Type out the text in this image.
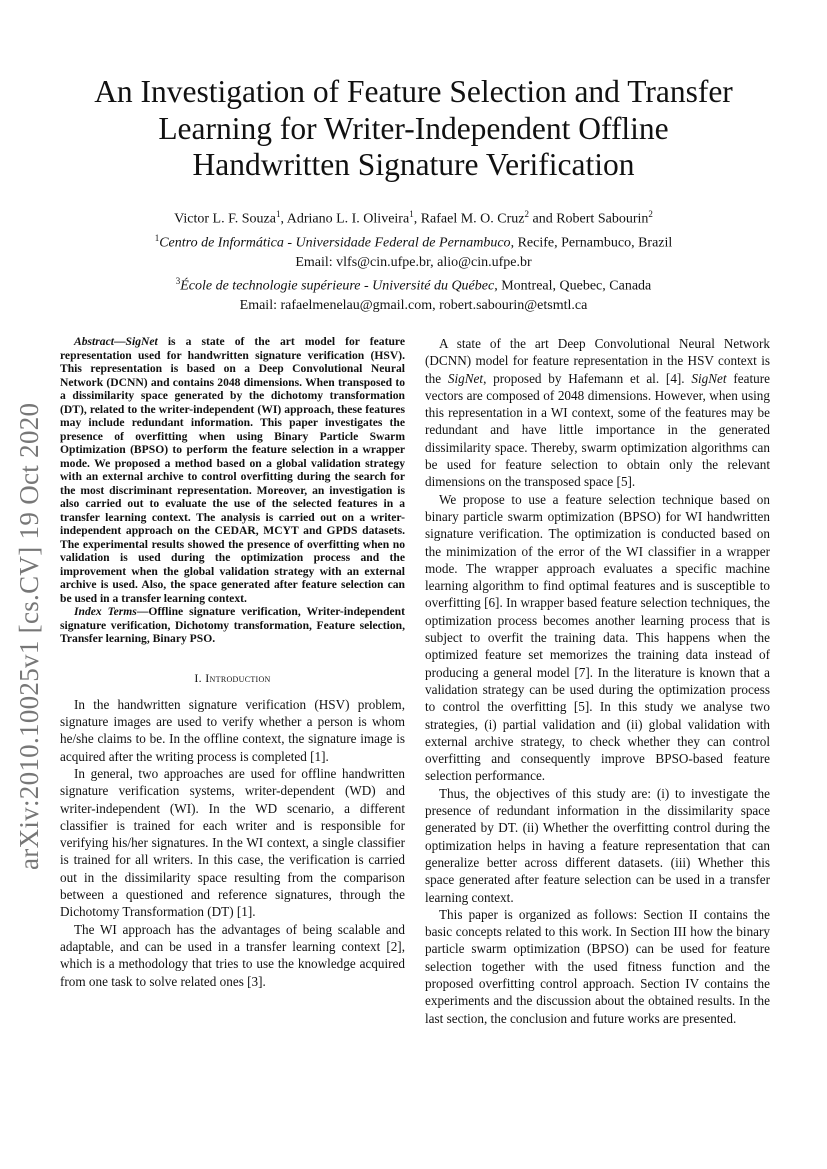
arXiv:2010.10025v1 [cs.CV] 19 Oct 2020
An Investigation of Feature Selection and Transfer
Learning for Writer-Independent Offline
Handwritten Signature Verification
Victor L. F. Souza$^1$, Adriano L. I. Oliveira$^1$, Rafael M. O. Cruz$^2$ and Robert Sabourin$^2$
$^1$Centro de Informática - Universidade Federal de Pernambuco, Recife, Pernambuco, Brazil
Email: vlfs@cin.ufpe.br, alio@cin.ufpe.br
$^3$École de technologie supérieure - Université du Québec, Montreal, Quebec, Canada
Email: rafaelmenelau@gmail.com, robert.sabourin@etsmtl.ca

Abstract—SigNet is a state of the art model for feature representation used for handwritten signature verification (HSV). This representation is based on a Deep Convolutional Neural Network (DCNN) and contains 2048 dimensions. When transposed to a dissimilarity space generated by the dichotomy transformation (DT), related to the writer-independent (WI) approach, these features may include redundant information. This paper investigates the presence of overfitting when using Binary Particle Swarm Optimization (BPSO) to perform the feature selection in a wrapper mode. We proposed a method based on a global validation strategy with an external archive to control overfitting during the search for the most discriminant representation. Moreover, an investigation is also carried out to evaluate the use of the selected features in a transfer learning context. The analysis is carried out on a writer-independent approach on the CEDAR, MCYT and GPDS datasets. The experimental results showed the presence of overfitting when no validation is used during the optimization process and the improvement when the global validation strategy with an external archive is used. Also, the space generated after feature selection can be used in a transfer learning context.

Index Terms—Offline signature verification, Writer-independent signature verification, Dichotomy transformation, Feature selection, Transfer learning, Binary PSO.

I. Introduction

In the handwritten signature verification (HSV) problem, signature images are used to verify whether a person is whom he/she claims to be. In the offline context, the signature image is acquired after the writing process is completed [1].

In general, two approaches are used for offline handwritten signature verification systems, writer-dependent (WD) and writer-independent (WI). In the WD scenario, a different classifier is trained for each writer and is responsible for verifying his/her signatures. In the WI context, a single classifier is trained for all writers. In this case, the verification is carried out in the dissimilarity space resulting from the comparison between a questioned and reference signatures, through the Dichotomy Transformation (DT) [1].

The WI approach has the advantages of being scalable and adaptable, and can be used in a transfer learning context [2], which is a methodology that tries to use the knowledge acquired from one task to solve related ones [3].

A state of the art Deep Convolutional Neural Network (DCNN) model for feature representation in the HSV context is the SigNet, proposed by Hafemann et al. [4]. SigNet feature vectors are composed of 2048 dimensions. However, when using this representation in a WI context, some of the features may be redundant and have little importance in the generated dissimilarity space. Thereby, swarm optimization algorithms can be used for feature selection to obtain only the relevant dimensions on the transposed space [5].

We propose to use a feature selection technique based on binary particle swarm optimization (BPSO) for WI handwritten signature verification. The optimization is conducted based on the minimization of the error of the WI classifier in a wrapper mode. The wrapper approach evaluates a specific machine learning algorithm to find optimal features and is susceptible to overfitting [6]. In wrapper based feature selection techniques, the optimization process becomes another learning process that is subject to overfit the training data. This happens when the optimized feature set memorizes the training data instead of producing a general model [7]. In the literature is known that a validation strategy can be used during the optimization process to control the overfitting [5]. In this study we analyse two strategies, (i) partial validation and (ii) global validation with external archive strategy, to check whether they can control overfitting and consequently improve BPSO-based feature selection performance.

Thus, the objectives of this study are: (i) to investigate the presence of redundant information in the dissimilarity space generated by DT. (ii) Whether the overfitting control during the optimization helps in having a feature representation that can generalize better across different datasets. (iii) Whether this space generated after feature selection can be used in a transfer learning context.

This paper is organized as follows: Section II contains the basic concepts related to this work. In Section III how the binary particle swarm optimization (BPSO) can be used for feature selection together with the used fitness function and the proposed overfitting control approach. Section IV contains the experiments and the discussion about the obtained results. In the last section, the conclusion and future works are presented.
